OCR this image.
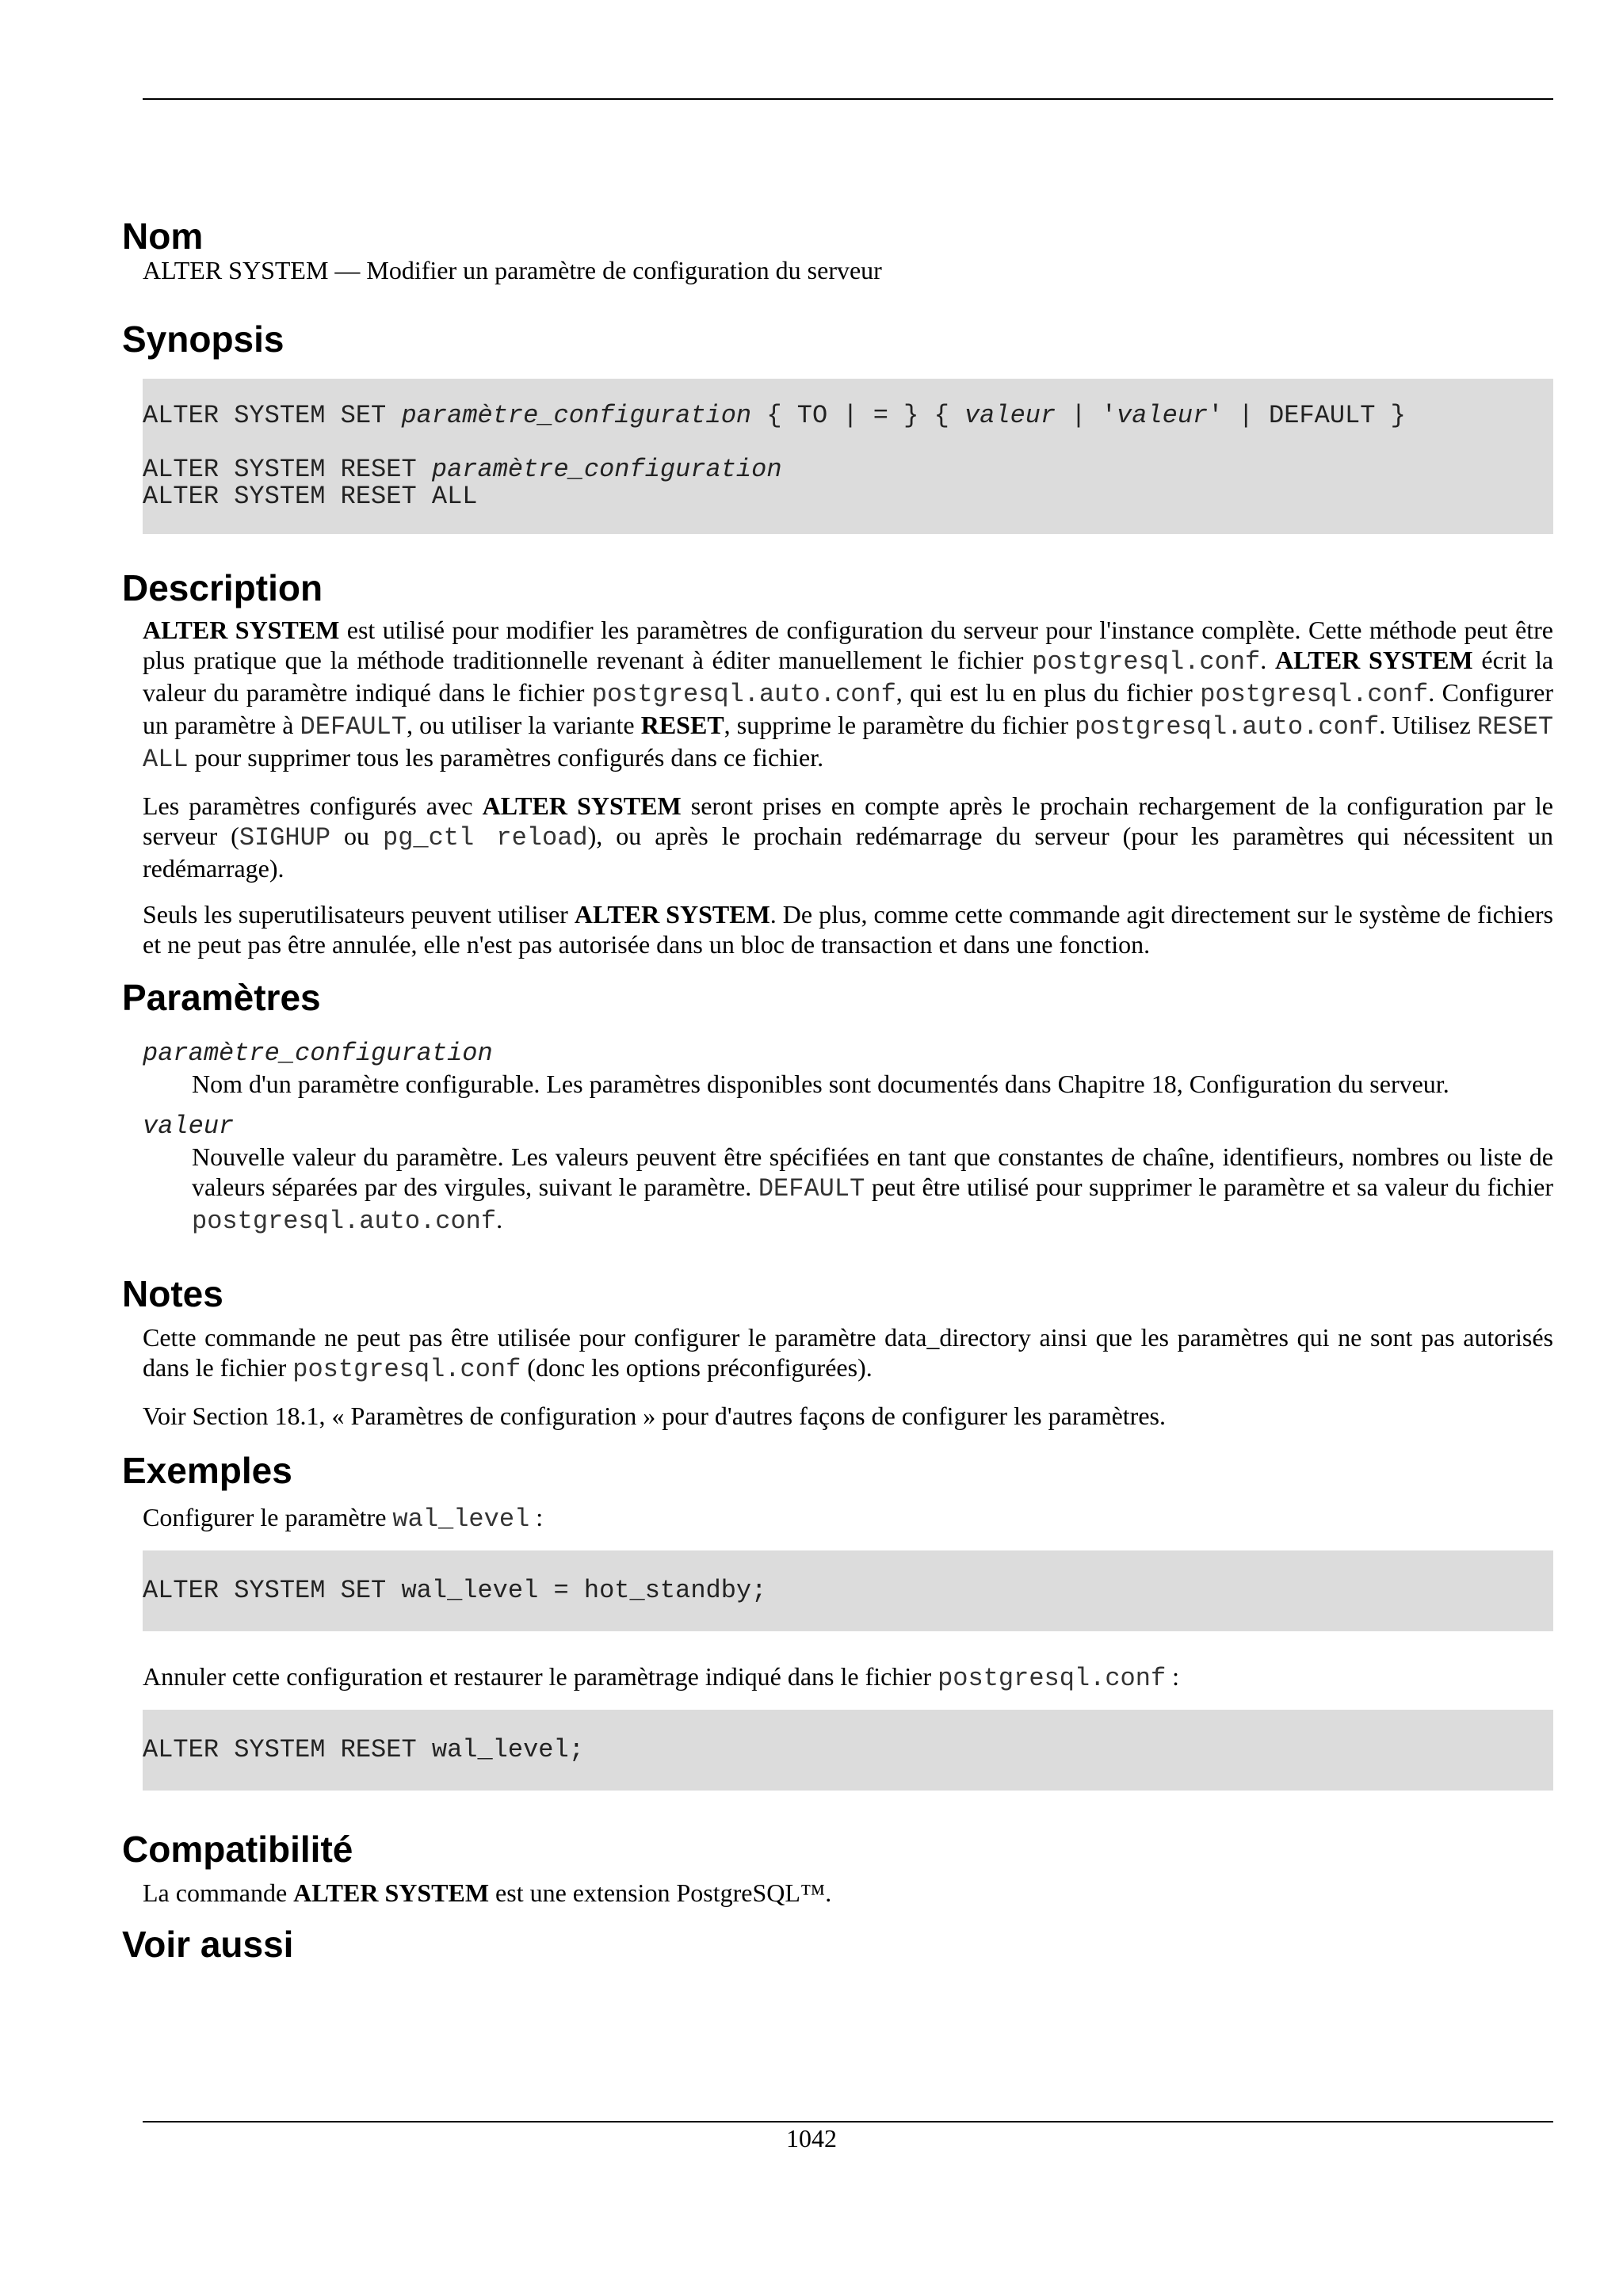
Nom

ALTER SYSTEM — Modifier un paramètre de configuration du serveur

Synopsis
ALTER SYSTEM SET paramètre_configuration { TO | = } { valeur | 'valeur' | DEFAULT }

ALTER SYSTEM RESET paramètre_configuration
ALTER SYSTEM RESET ALL
Description

ALTER SYSTEM est utilisé pour modifier les paramètres de configuration du serveur pour l'instance complète. Cette méthode peut être plus pratique que la méthode traditionnelle revenant à éditer manuellement le fichier postgresql.conf. ALTER SYSTEM écrit la valeur du paramètre indiqué dans le fichier postgresql.auto.conf, qui est lu en plus du fichier postgresql.conf. Configurer un paramètre à DEFAULT, ou utiliser la variante RESET, supprime le paramètre du fichier postgresql.auto.conf. Utilisez RESET ALL pour supprimer tous les paramètres configurés dans ce fichier.

Les paramètres configurés avec ALTER SYSTEM seront prises en compte après le prochain rechargement de la configuration par le serveur (SIGHUP ou pg_ctl reload), ou après le prochain redémarrage du serveur (pour les paramètres qui nécessitent un redémarrage).

Seuls les superutilisateurs peuvent utiliser ALTER SYSTEM. De plus, comme cette commande agit directement sur le système de fichiers et ne peut pas être annulée, elle n'est pas autorisée dans un bloc de transaction et dans une fonction.

Paramètres
paramètre_configuration
Nom d'un paramètre configurable. Les paramètres disponibles sont documentés dans Chapitre 18, Configuration du serveur.
valeur
Nouvelle valeur du paramètre. Les valeurs peuvent être spécifiées en tant que constantes de chaîne, identifieurs, nombres ou liste de valeurs séparées par des virgules, suivant le paramètre. DEFAULT peut être utilisé pour supprimer le paramètre et sa valeur du fichier postgresql.auto.conf.
Notes

Cette commande ne peut pas être utilisée pour configurer le paramètre data_directory ainsi que les paramètres qui ne sont pas autorisés dans le fichier postgresql.conf (donc les options préconfigurées).

Voir Section 18.1, « Paramètres de configuration » pour d'autres façons de configurer les paramètres.

Exemples

Configurer le paramètre wal_level :

ALTER SYSTEM SET wal_level = hot_standby;

Annuler cette configuration et restaurer le paramètrage indiqué dans le fichier postgresql.conf :

ALTER SYSTEM RESET wal_level;
Compatibilité

La commande ALTER SYSTEM est une extension PostgreSQL™.

Voir aussi
1042
